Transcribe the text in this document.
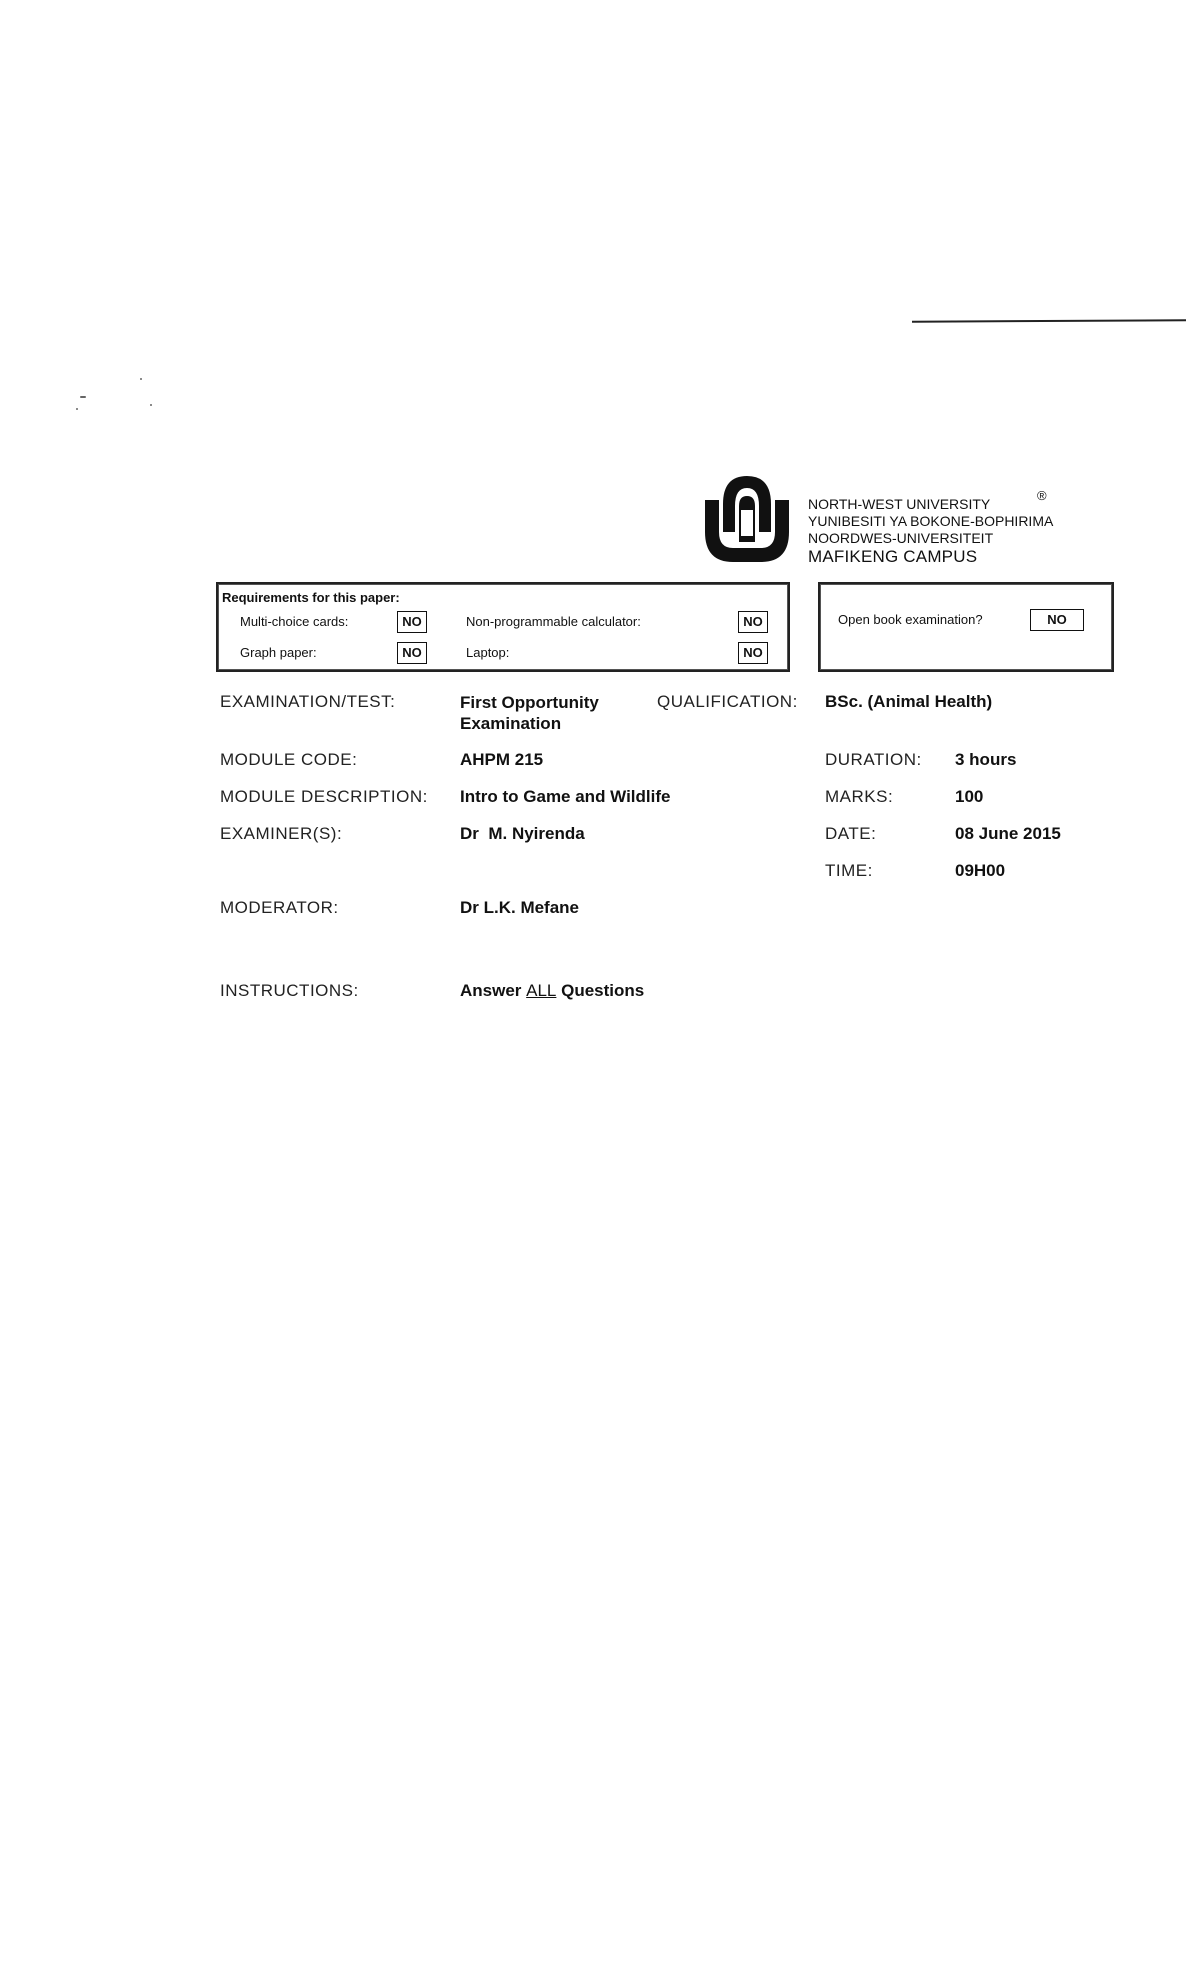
NORTH-WEST UNIVERSITY
YUNIBESITI YA BOKONE-BOPHIRIMA
NOORDWES-UNIVERSITEIT
MAFIKENG CAMPUS
®
Requirements for this paper:
Multi-choice cards:	NO
Graph paper:	NO
Non-programmable calculator:	NO
Laptop:	NO
Open book examination?	NO
EXAMINATION/TEST:	First Opportunity
Examination
QUALIFICATION: BSc. (Animal Health)
MODULE CODE:	AHPM 215	DURATION: 3 hours
MODULE DESCRIPTION: Intro to Game and Wildlife	MARKS:	100
EXAMINER(S):	Dr  M. Nyirenda	DATE:	08 June 2015
TIME:	09H00
MODERATOR:	Dr L.K. Mefane
INSTRUCTIONS:	Answer ALL Questions
